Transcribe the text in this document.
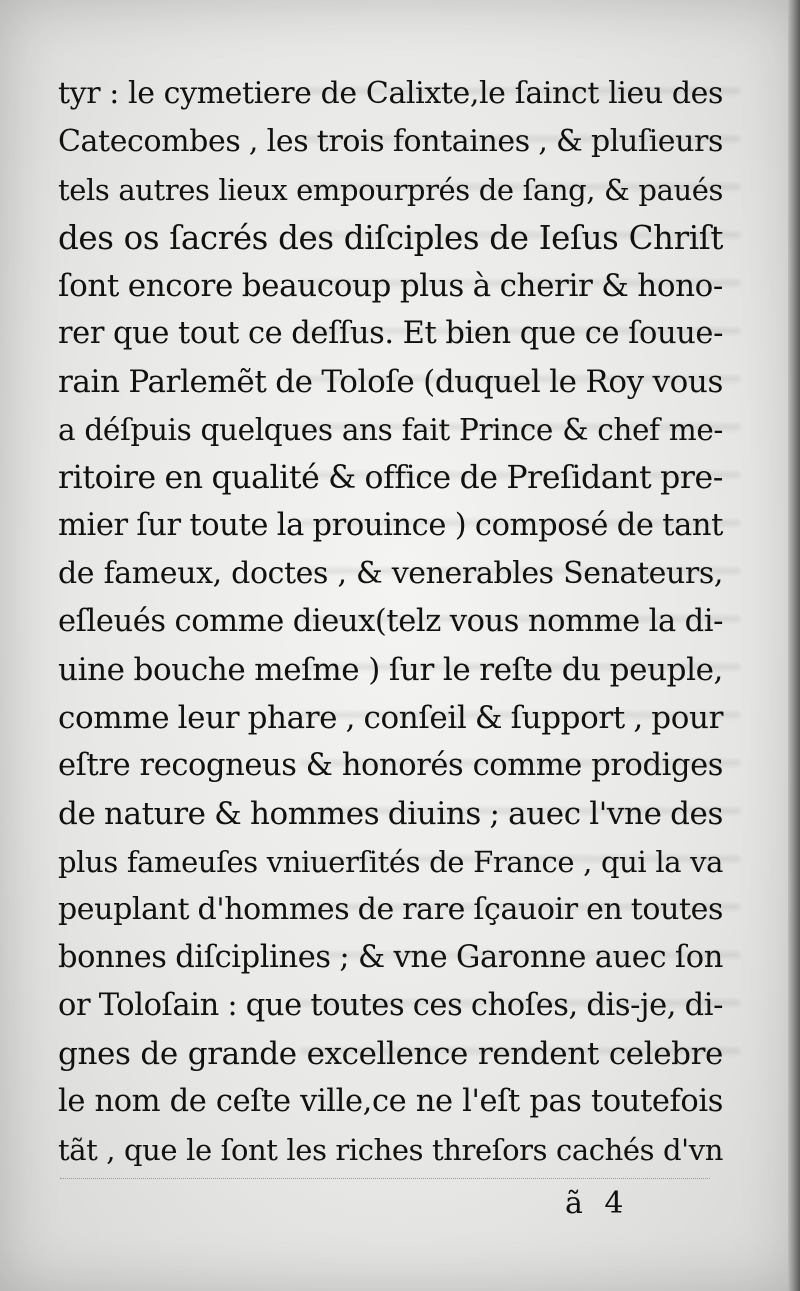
tyr : le cymetiere de Calixte,le ſainct lieu des
Catecombes , les trois fontaines , & pluſieurs
tels autres lieux empourprés de ſang, & paués
des os ſacrés des diſciples de Ieſus Chriſt
ſont encore beaucoup plus à cherir & hono-
rer que tout ce deſſus. Et bien que ce ſouue-
rain Parlemẽt de Toloſe (duquel le Roy vous
a déſpuis quelques ans fait Prince & chef me-
ritoire en qualité & office de Preſidant pre-
mier ſur toute la prouince ) composé de tant
de fameux, doctes , & venerables Senateurs,
eſleués comme dieux(telz vous nomme la di-
uine bouche meſme ) ſur le reſte du peuple,
comme leur phare , conſeil & ſupport , pour
eſtre recogneus & honorés comme prodiges
de nature & hommes diuins ; auec l'vne des
plus fameuſes vniuerſités de France , qui la va
peuplant d'hommes de rare ſçauoir en toutes
bonnes diſciplines ; & vne Garonne auec ſon
or Toloſain : que toutes ces choſes, dis-je, di-
gnes de grande excellence rendent celebre
le nom de ceſte ville,ce ne l'eſt pas toutefois
tãt , que le ſont les riches threſors cachés d'vn
ã 4
